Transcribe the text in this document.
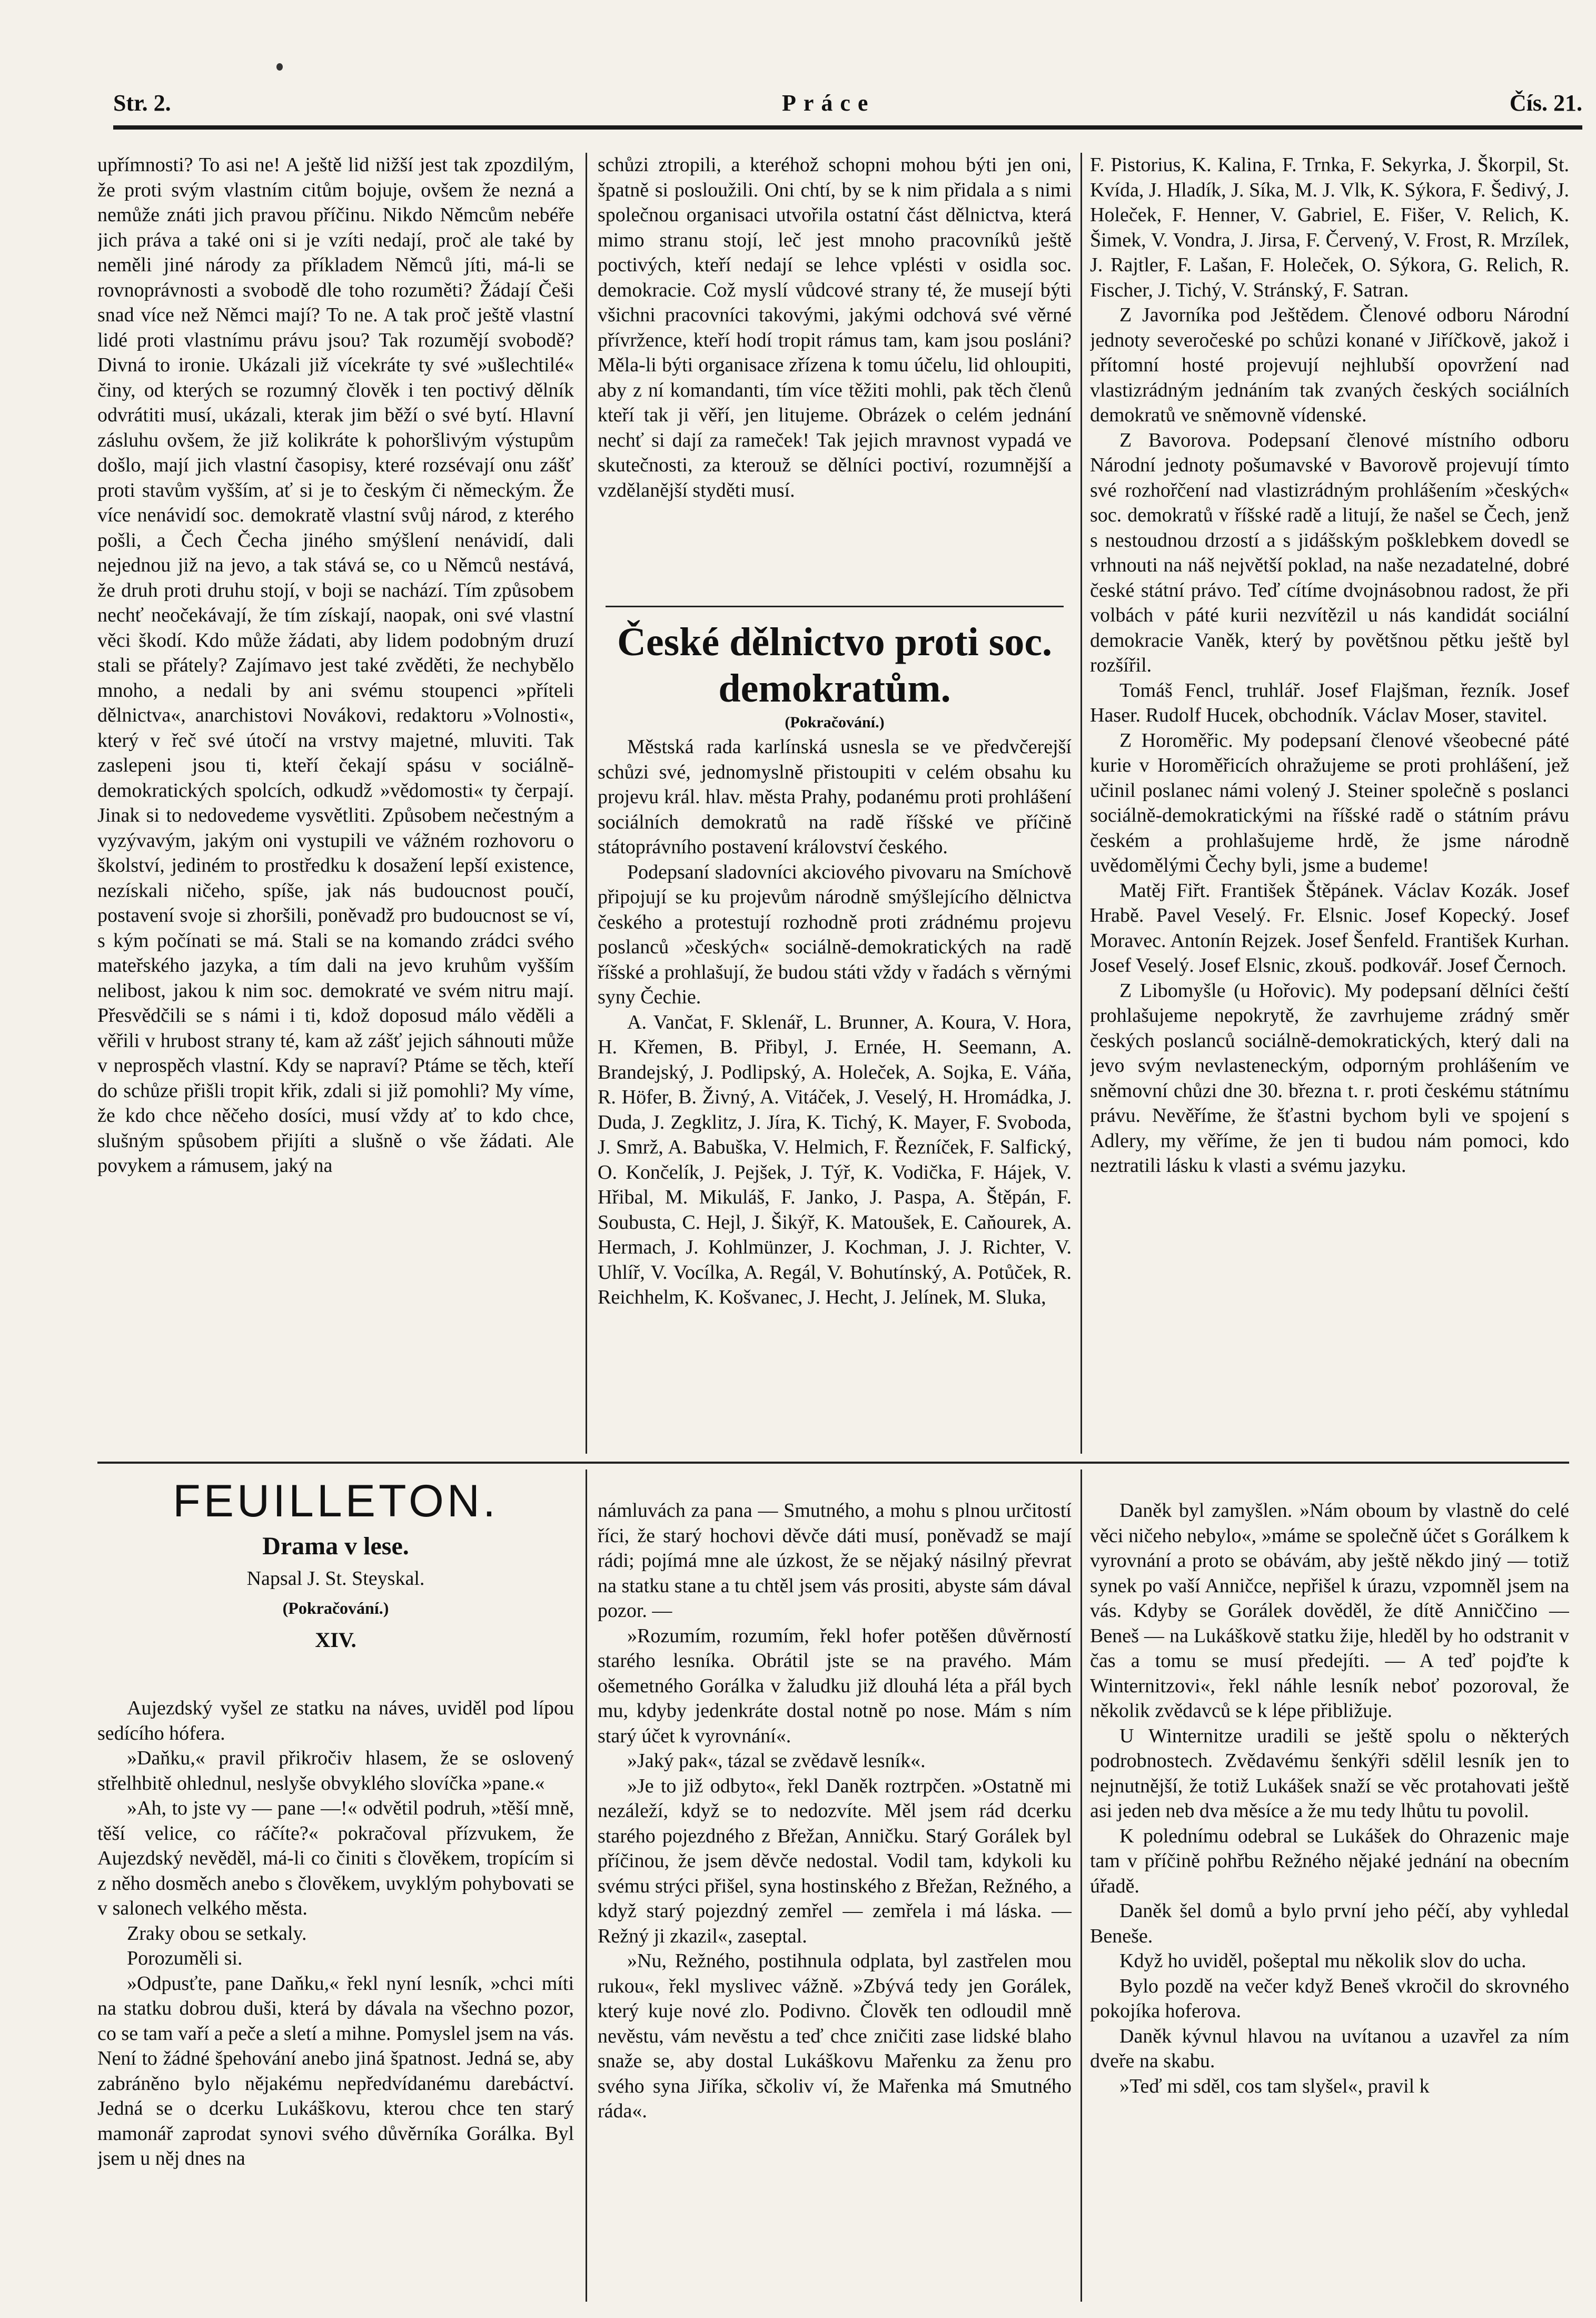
Str. 2.	Práce	Čís. 21.

upřímnosti? To asi ne! A ještě lid nižší jest tak zpozdilým, že proti svým vlastním citům bojuje, ovšem že nezná a nemůže znáti jich pravou příčinu. Nikdo Němcům nebéře jich práva a také oni si je vzíti nedají, proč ale také by neměli jiné národy za příkladem Němců jíti, má-li se rovnoprávnosti a svobodě dle toho rozuměti? Žádají Češi snad více než Němci mají? To ne. A tak proč ještě vlastní lidé proti vlastnímu právu jsou? Tak rozumějí svobodě? Divná to ironie. Ukázali již vícekráte ty své »ušlechtilé« činy, od kterých se rozumný člověk i ten poctivý dělník odvrátiti musí, ukázali, kterak jim běží o své bytí. Hlavní zásluhu ovšem, že již kolikráte k pohoršlivým výstupům došlo, mají jich vlastní časopisy, které rozsévají onu zášť proti stavům vyšším, ať si je to českým či německým. Že více nenávidí soc. demokratě vlastní svůj národ, z kterého pošli, a Čech Čecha jiného smýšlení nenávidí, dali nejednou již na jevo, a tak stává se, co u Němců nestává, že druh proti druhu stojí, v boji se nachází. Tím způsobem nechť neočekávají, že tím získají, naopak, oni své vlastní věci škodí. Kdo může žádati, aby lidem podobným druzí stali se přátely? Zajímavo jest také zvěděti, že nechybělo mnoho, a nedali by ani svému stoupenci »příteli dělnictva«, anarchistovi Novákovi, redaktoru »Volnosti«, který v řeč své útočí na vrstvy majetné, mluviti. Tak zaslepeni jsou ti, kteří čekají spásu v sociálně-demokratických spolcích, odkudž »vědomosti« ty čerpají. Jinak si to nedovedeme vysvětliti. Způsobem nečestným a vyzývavým, jakým oni vystupili ve vážném rozhovoru o školství, jediném to prostředku k dosažení lepší existence, nezískali ničeho, spíše, jak nás budoucnost poučí, postavení svoje si zhoršili, poněvadž pro budoucnost se ví, s kým počínati se má. Stali se na komando zrádci svého mateřského jazyka, a tím dali na jevo kruhům vyšším nelibost, jakou k nim soc. demokraté ve svém nitru mají. Přesvědčili se s námi i ti, kdož doposud málo věděli a věřili v hrubost strany té, kam až zášť jejich sáhnouti může v neprospěch vlastní. Kdy se napraví? Ptáme se těch, kteří do schůze přišli tropit křik, zdali si již pomohli? My víme, že kdo chce něčeho dosíci, musí vždy ať to kdo chce, slušným spůsobem přijíti a slušně o vše žádati. Ale povykem a rámusem, jaký na

schůzi ztropili, a kteréhož schopni mohou býti jen oni, špatně si posloužili. Oni chtí, by se k nim přidala a s nimi společnou organisaci utvořila ostatní část dělnictva, která mimo stranu stojí, leč jest mnoho pracovníků ještě poctivých, kteří nedají se lehce vplésti v osidla soc. demokracie. Což myslí vůdcové strany té, že musejí býti všichni pracovníci takovými, jakými odchová své věrné přívržence, kteří hodí tropit rámus tam, kam jsou posláni? Měla-li býti organisace zřízena k tomu účelu, lid ohloupiti, aby z ní komandanti, tím více těžiti mohli, pak těch členů kteří tak ji věří, jen litujeme. Obrázek o celém jednání nechť si dají za rameček! Tak jejich mravnost vypadá ve skutečnosti, za kterouž se dělníci poctiví, rozumnější a vzdělanější styděti musí.

České dělnictvo proti soc. demokratům.
(Pokračování.)

Městská rada karlínská usnesla se ve předvčerejší schůzi své, jednomyslně přistoupiti v celém obsahu ku projevu král. hlav. města Prahy, podanému proti prohlášení sociálních demokratů na radě říšské ve příčině státoprávního postavení království českého.

Podepsaní sladovníci akciového pivovaru na Smíchově připojují se ku projevům národně smýšlejícího dělnictva českého a protestují rozhodně proti zrádnému projevu poslanců »českých« sociálně-demokratických na radě říšské a prohlašují, že budou státi vždy v řadách s věrnými syny Čechie.

A. Vančat, F. Sklenář, L. Brunner, A. Koura, V. Hora, H. Křemen, B. Přibyl, J. Ernée, H. Seemann, A. Brandejský, J. Podlipský, A. Holeček, A. Sojka, E. Váňa, R. Höfer, B. Živný, A. Vitáček, J. Veselý, H. Hromádka, J. Duda, J. Zegklitz, J. Jíra, K. Tichý, K. Mayer, F. Svoboda, J. Smrž, A. Babuška, V. Helmich, F. Řezníček, F. Salfický, O. Končelík, J. Pejšek, J. Týř, K. Vodička, F. Hájek, V. Hřibal, M. Mikuláš, F. Janko, J. Paspa, A. Štěpán, F. Soubusta, C. Hejl, J. Šikýř, K. Matoušek, E. Caňourek, A. Hermach, J. Kohlmünzer, J. Kochman, J. J. Richter, V. Uhlíř, V. Vocílka, A. Regál, V. Bohutínský, A. Potůček, R. Reichhelm, K. Košvanec, J. Hecht, J. Jelínek, M. Sluka,

F. Pistorius, K. Kalina, F. Trnka, F. Sekyrka, J. Škorpil, St. Kvída, J. Hladík, J. Síka, M. J. Vlk, K. Sýkora, F. Šedivý, J. Holeček, F. Henner, V. Gabriel, E. Fišer, V. Relich, K. Šimek, V. Vondra, J. Jirsa, F. Červený, V. Frost, R. Mrzílek, J. Rajtler, F. Lašan, F. Holeček, O. Sýkora, G. Relich, R. Fischer, J. Tichý, V. Stránský, F. Satran.

Z Javorníka pod Ještědem. Členové odboru Národní jednoty severočeské po schůzi konané v Jiříčkově, jakož i přítomní hosté projevují nejhlubší opovržení nad vlastizrádným jednáním tak zvaných českých sociálních demokratů ve sněmovně vídenské.

Z Bavorova. Podepsaní členové místního odboru Národní jednoty pošumavské v Bavorově projevují tímto své rozhořčení nad vlastizrádným prohlášením »českých« soc. demokratů v říšské radě a litují, že našel se Čech, jenž s nestoudnou drzostí a s jidášským pošklebkem dovedl se vrhnouti na náš největší poklad, na naše nezadatelné, dobré české státní právo. Teď cítíme dvojnásobnou radost, že při volbách v páté kurii nezvítězil u nás kandidát sociální demokracie Vaněk, který by povětšnou pětku ještě byl rozšířil.

Tomáš Fencl, truhlář. Josef Flajšman, řezník. Josef Haser. Rudolf Hucek, obchodník. Václav Moser, stavitel.

Z Horoměřic. My podepsaní členové všeobecné páté kurie v Horoměřicích ohražujeme se proti prohlášení, jež učinil poslanec námi volený J. Steiner společně s poslanci sociálně-demokratickými na říšské radě o státním právu českém a prohlašujeme hrdě, že jsme národně uvědomělými Čechy byli, jsme a budeme!

Matěj Fiřt. František Štěpánek. Václav Kozák. Josef Hrabě. Pavel Veselý. Fr. Elsnic. Josef Kopecký. Josef Moravec. Antonín Rejzek. Josef Šenfeld. František Kurhan. Josef Veselý. Josef Elsnic, zkouš. podkovář. Josef Černoch.

Z Libomyšle (u Hořovic). My podepsaní dělníci čeští prohlašujeme nepokrytě, že zavrhujeme zrádný směr českých poslanců sociálně-demokratických, který dali na jevo svým nevlasteneckým, odporným prohlášením ve sněmovní chůzi dne 30. března t. r. proti českému státnímu právu. Nevěříme, že šťastni bychom byli ve spojení s Adlery, my věříme, že jen ti budou nám pomoci, kdo neztratili lásku k vlasti a svému jazyku.

FEUILLETON.
Drama v lese.
Napsal J. St. Steyskal.
(Pokračování.)
XIV.

Aujezdský vyšel ze statku na náves, uviděl pod lípou sedícího hófera.

»Daňku,« pravil přikročiv hlasem, že se oslovený střelhbitě ohlednul, neslyše obvyklého slovíčka »pane.«

»Ah, to jste vy — pane —!« odvětil podruh, »těší mně, těší velice, co ráčíte?« pokračoval přízvukem, že Aujezdský nevěděl, má-li co činiti s člověkem, tropícím si z něho dosměch anebo s člověkem, uvyklým pohybovati se v salonech velkého města.

Zraky obou se setkaly.

Porozuměli si.

»Odpusťte, pane Daňku,« řekl nyní lesník, »chci míti na statku dobrou duši, která by dávala na všechno pozor, co se tam vaří a peče a sletí a mihne. Pomyslel jsem na vás. Není to žádné špehování anebo jiná špatnost. Jedná se, aby zabráněno bylo nějakému nepředvídanému darebáctví. Jedná se o dcerku Lukáškovu, kterou chce ten starý mamonář zaprodat synovi svého důvěrníka Gorálka. Byl jsem u něj dnes na

námluvách za pana — Smutného, a mohu s plnou určitostí říci, že starý hochovi děvče dáti musí, poněvadž se mají rádi; pojímá mne ale úzkost, že se nějaký násilný převrat na statku stane a tu chtěl jsem vás prositi, abyste sám dával pozor. —

»Rozumím, rozumím, řekl hofer potěšen důvěrností starého lesníka. Obrátil jste se na pravého. Mám ošemetného Gorálka v žaludku již dlouhá léta a přál bych mu, kdyby jedenkráte dostal notně po nose. Mám s ním starý účet k vyrovnání«.

»Jaký pak«, tázal se zvědavě lesník«.

»Je to již odbyto«, řekl Daněk roztrpčen. »Ostatně mi nezáleží, když se to nedozvíte. Měl jsem rád dcerku starého pojezdného z Břežan, Anničku. Starý Gorálek byl příčinou, že jsem děvče nedostal. Vodil tam, kdykoli ku svému strýci přišel, syna hostinského z Břežan, Režného, a když starý pojezdný zemřel — zemřela i má láska. — Režný ji zkazil«, zaseptal.

»Nu, Režného, postihnula odplata, byl zastřelen mou rukou«, řekl myslivec vážně. »Zbývá tedy jen Gorálek, který kuje nové zlo. Podivno. Člověk ten odloudil mně nevěstu, vám nevěstu a teď chce zničiti zase lidské blaho snaže se, aby dostal Lukáškovu Mařenku za ženu pro svého syna Jiříka, sčkoliv ví, že Mařenka má Smutného ráda«.

Daněk byl zamyšlen. »Nám oboum by vlastně do celé věci ničeho nebylo«, »máme se společně účet s Gorálkem k vyrovnání a proto se obávám, aby ještě někdo jiný — totiž synek po vaší Anničce, nepřišel k úrazu, vzpomněl jsem na vás. Kdyby se Gorálek dověděl, že dítě Anniččino — Beneš — na Lukáškově statku žije, hleděl by ho odstranit v čas a tomu se musí předejíti. — A teď pojďte k Winternitzovi«, řekl náhle lesník neboť pozoroval, že několik zvědavců se k lépe přibližuje.

U Winternitze uradili se ještě spolu o některých podrobnostech. Zvědavému šenkýři sdělil lesník jen to nejnutnější, že totiž Lukášek snaží se věc protahovati ještě asi jeden neb dva měsíce a že mu tedy lhůtu tu povolil.

K polednímu odebral se Lukášek do Ohrazenic maje tam v příčině pohřbu Režného nějaké jednání na obecním úřadě.

Daněk šel domů a bylo první jeho péčí, aby vyhledal Beneše.

Když ho uviděl, pošeptal mu několik slov do ucha.

Bylo pozdě na večer když Beneš vkročil do skrovného pokojíka hoferova.

Daněk kývnul hlavou na uvítanou a uzavřel za ním dveře na skabu.

»Teď mi sděl, cos tam slyšel«, pravil k
